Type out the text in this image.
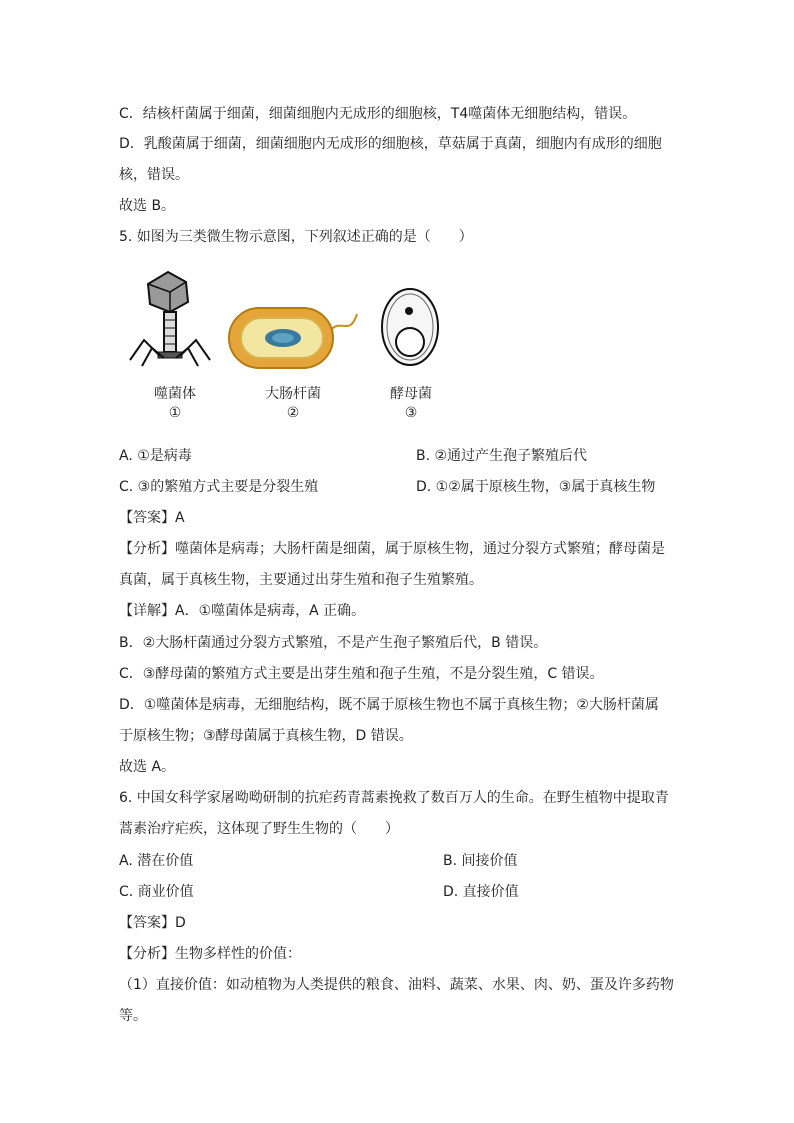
C．结核杆菌属于细菌，细菌细胞内无成形的细胞核，T4噬菌体无细胞结构，错误。
D．乳酸菌属于细菌，细菌细胞内无成形的细胞核，草菇属于真菌，细胞内有成形的细胞
核，错误。
故选 B。
5. 如图为三类微生物示意图，下列叙述正确的是（　　）
噬菌体
①
大肠杆菌
②
酵母菌
③
A. ①是病毒	B. ②通过产生孢子繁殖后代
C. ③的繁殖方式主要是分裂生殖	D. ①②属于原核生物，③属于真核生物
【答案】A
【分析】噬菌体是病毒；大肠杆菌是细菌，属于原核生物，通过分裂方式繁殖；酵母菌是
真菌，属于真核生物，主要通过出芽生殖和孢子生殖繁殖。
【详解】A．①噬菌体是病毒，A 正确。
B．②大肠杆菌通过分裂方式繁殖，不是产生孢子繁殖后代，B 错误。
C．③酵母菌的繁殖方式主要是出芽生殖和孢子生殖，不是分裂生殖，C 错误。
D．①噬菌体是病毒，无细胞结构，既不属于原核生物也不属于真核生物；②大肠杆菌属
于原核生物；③酵母菌属于真核生物，D 错误。
故选 A。
6. 中国女科学家屠呦呦研制的抗疟药青蒿素挽救了数百万人的生命。在野生植物中提取青
蒿素治疗疟疾，这体现了野生生物的（　　）
A. 潜在价值	B. 间接价值
C. 商业价值	D. 直接价值
【答案】D
【分析】生物多样性的价值：
（1）直接价值：如动植物为人类提供的粮食、油料、蔬菜、水果、肉、奶、蛋及许多药物
等。
